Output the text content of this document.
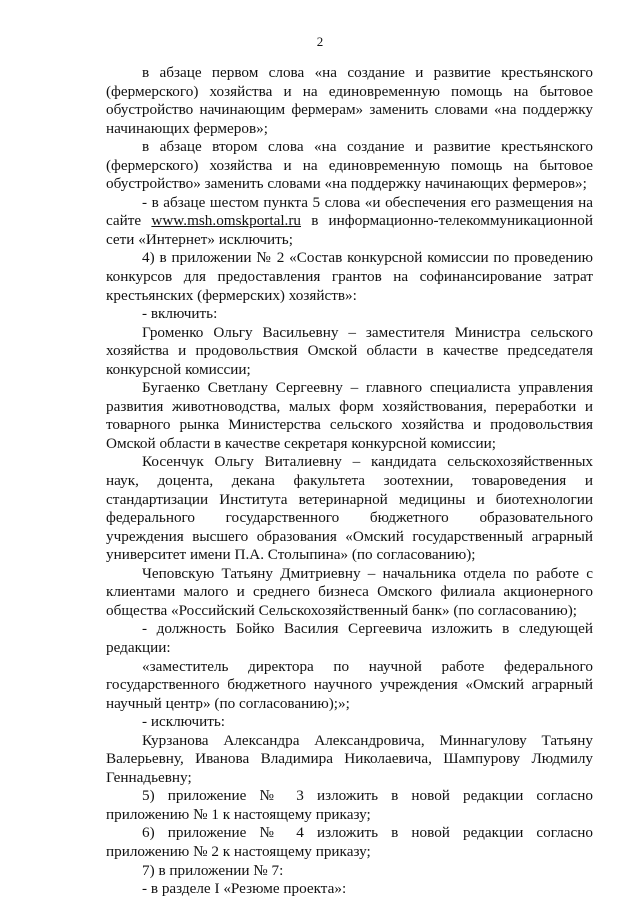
2

в абзаце первом слова «на создание и развитие крестьянского (фермерского) хозяйства и на единовременную помощь на бытовое обустройство начинающим фермерам» заменить словами «на поддержку начинающих фермеров»;

в абзаце втором слова «на создание и развитие крестьянского (фермерского) хозяйства и на единовременную помощь на бытовое обустройство» заменить словами «на поддержку начинающих фермеров»;

- в абзаце шестом пункта 5 слова «и обеспечения его размещения на сайте www.msh.omskportal.ru в информационно-телекоммуникационной сети «Интернет» исключить;

4) в приложении № 2 «Состав конкурсной комиссии по проведению конкурсов для предоставления грантов на софинансирование затрат крестьянских (фермерских) хозяйств»:

- включить:

Громенко Ольгу Васильевну – заместителя Министра сельского хозяйства и продовольствия Омской области в качестве председателя конкурсной комиссии;

Бугаенко Светлану Сергеевну – главного специалиста управления развития животноводства, малых форм хозяйствования, переработки и товарного рынка Министерства сельского хозяйства и продовольствия Омской области в качестве секретаря конкурсной комиссии;

Косенчук Ольгу Виталиевну – кандидата сельскохозяйственных наук, доцента, декана факультета зоотехнии, товароведения и стандартизации Института ветеринарной медицины и биотехнологии федерального государственного бюджетного образовательного учреждения высшего образования «Омский государственный аграрный университет имени П.А. Столыпина» (по согласованию);

Чеповскую Татьяну Дмитриевну – начальника отдела по работе с клиентами малого и среднего бизнеса Омского филиала акционерного общества «Российский Сельскохозяйственный банк» (по согласованию);

- должность Бойко Василия Сергеевича изложить в следующей редакции:

«заместитель директора по научной работе федерального государственного бюджетного научного учреждения «Омский аграрный научный центр» (по согласованию);»;

- исключить:

Курзанова Александра Александровича, Миннагулову Татьяну Валерьевну, Иванова Владимира Николаевича, Шампурову Людмилу Геннадьевну;

5) приложение № 3 изложить в новой редакции согласно приложению № 1 к настоящему приказу;

6) приложение № 4 изложить в новой редакции согласно приложению № 2 к настоящему приказу;

7) в приложении № 7:

- в разделе I «Резюме проекта»:
